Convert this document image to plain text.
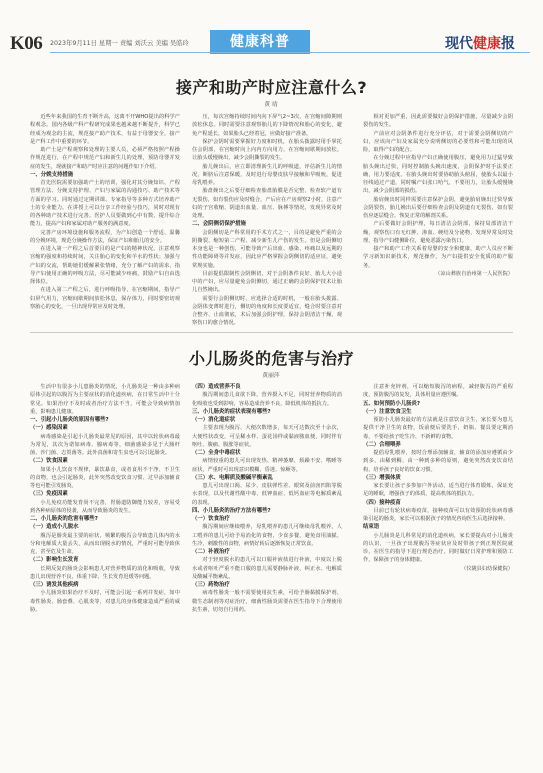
K06 2023年9月11日 星期一 责编 刘沃云 美编 吴皓玲	健康科普	现代健康报
接产和助产时应注意什么?
黄 靖

近些年来我国的生育不断升高，这离不开WHO提出的科学产程观念。国内各级产科产程研究成果也越来越不断提升，科学已经成为观念的主流，规范接产助产技术，有益于母婴安全，接产是产科工作中重要的环节。

助产士是产程观察和处理的主要人员，必须严格按照产程操作规范进行，在产程中规范产妇和新生儿的处理，预防母婴并发症的发生，现就接产和助产时应注意的问题作如下介绍。

一、分娩支持措施

首先医院需要加强助产士的培训，强化对其分娩知识、产程管理方法、分娩支持护理、产妇与家属的沟通技巧、助产技术等方面的学习。同时通过定期讲课、专家指导等多种方式培养助产士的专业能力。在讲授上可以分享工作经验与技巧，同时对现有的各种助产技术进行完善。医护人员要做到心中有数，提升综合能力，提高产妇和家属对助产服务的满意度。

完善产房环境设施和服务流程，为产妇创造一个舒适、温馨的分娩环境，规范分娩操作方法，保证产妇和胎儿的安全。

在进入第一产程之后首要目的是产妇的精神状况，注意观察宫缩的强度和持续时间，关注胎心的变化和羊水的性状；加强与产妇的交流，帮助她们缓解紧张情绪，充分了解产妇的需求，指导产妇使用正确的呼吸方法，尽可能减少疼痛，鼓励产妇自由选择体位。

在进入第二产程之后，进行呼吸指导，在宫缩期间，指导产妇屏气用力，宫缩间歇期间放松休息，保存体力，同时要密切观察胎心的变化，一旦出现异常应及时处理。

压，每次宫缩持续时间内向下屏气2~3次，在宫缩间隙期则放松休息。同时需要注意观察胎儿的下降情况和胎心的变化，避免产程延长，如果胎头已经着冠，应做好接产准备。

保护会阴时需要掌握好力度和时机，在胎头拨露时用手掌托住会阴部，在宫缩时向上向内方向用力，在宫缩间歇期间放松。让胎头缓慢娩出，减少会阴撕裂的发生。

胎儿娩出后，应立即清理新生儿的呼吸道，评估新生儿的情况，断脐后注意保暖，及时进行母婴皮肤早接触和早吸吮，促进母乳喂养。

胎盘娩出之后要仔细检查胎盘胎膜是否完整，检查软产道有无裂伤，如有裂伤应及时缝合，产后应在产房观察2小时，注意产妇的子宫收缩、阴道出血量、血压、脉搏等情况，发现异常及时处理。

二、会阴侧切保护措施

会阴侧切是产科常用的手术方式之一，目的是避免严重的会阴撕裂、缩短第二产程、减少新生儿产伤的发生。但是会阴侧切本身也是一种创伤，可能导致产后出血、感染、疼痛以及远期的性功能障碍等并发症，因此应严格掌握会阴侧切的适应证，避免常规实施。

目前提倡限制性会阴侧切，对于会阴条件良好、胎儿大小适中的产妇，应尽量避免会阴侧切，通过正确的会阴保护技术让胎儿自然娩出。

需要行会阴侧切时，应选择合适的时机，一般在胎头拨露、会阴体变薄时进行，侧切的角度和长度要适宜，缝合时要注意对合整齐、止血彻底，术后加强会阴护理，保持会阴清洁干燥，观察伤口的愈合情况。

相对更加严重，因此需要做好会阴保护措施，尽量减少会阴裂伤的发生。

产前应对会阴条件进行充分评估，对于需要会阴侧切的产妇，应该向产妇及家属充分说明侧切的必要性和可能出现的风险，取得产妇的配合。

在分娩过程中应指导产妇正确使用腹压，避免用力过猛导致胎头娩出过快，同时控制胎头娩出速度，会阴保护时手法要正确，用力要适度。在胎头娩出时要协助胎头俯屈，使胎头以最小径线通过产道，同时嘱产妇张口哈气，不要用力，让胎头缓慢娩出，减少会阴部的损伤。

胎肩娩出时同样需要注意保护会阴，避免胎肩娩出过快导致会阴裂伤，胎儿娩出后要仔细检查会阴及阴道有无裂伤，如有裂伤应逐层缝合，恢复正常的解剖关系。

产后要做好会阴护理，每日清洁会阴部，保持局部清洁干燥，观察伤口有无红肿、渗血、硬结及分泌物，发现异常及时处理，指导产妇健侧卧位，避免恶露污染伤口。

接产和助产工作关系着母婴的安全和健康，助产人员应不断学习新知识新技术，规范操作，为产妇提供安全优质的助产服务。

（凉山彝族自治州第一人民医院）

小儿肠炎的危害与治疗
黄丽萍

生活中有很多小儿患肠炎的情况，小儿肠炎是一种由多种病原体引起的以腹泻为主要症状的消化道疾病，在日常生活中十分常见。如果治疗不及时或者治疗方法不当，可能会导致病情加重，影响患儿健康。

一、引起小儿肠炎的原因有哪些?
（一）感染因素

病毒感染是引起小儿肠炎最常见的原因，其中以轮状病毒最为常见，其次为诺如病毒、腺病毒等，细菌感染多见于大肠杆菌、沙门菌、志贺菌等。此外真菌和寄生虫也可以引起肠炎。

（二）饮食因素

如果小儿饮食不规律，暴饮暴食，或者食用不干净、不卫生的食物，也会引起肠炎，此外突然改变饮食习惯、过早添加辅食等也可能引发肠炎。

（三）免疫因素

小儿免疫功能发育尚不完善，胃肠道防御能力较差，容易受到各种病原体的侵袭，从而导致肠炎的发生。

二、小儿肠炎的危害有哪些?
（一）造成小儿脱水

腹泻是肠炎最主要的症状，频繁的腹泻会导致患儿体内的水分和电解质大量丢失，从而出现脱水的情况，严重时可能导致休克，甚至危及生命。

（二）影响生长发育

长期反复的肠炎会影响患儿对营养物质的消化和吸收，导致患儿出现营养不良、体重下降、生长发育迟缓等问题。

（三）诱发其他疾病

小儿肠炎如果治疗不及时，可能会引起一系列并发症，如中毒性肠炎、肠套叠、心肌炎等，对患儿的身体健康造成严重的威胁。

（四）造成营养不良

腹泻期间患儿食欲下降，营养摄入不足，同时营养物质的消化吸收也受到影响，容易造成营养不良，降低机体的抵抗力。

三、小儿肠炎的症状表现有哪些?
（一）消化道症状

主要表现为腹泻、大便次数增多，每天可达数次至十余次，大便性状改变，可呈稀水样、蛋花汤样或黏液脓血便，同时伴有呕吐、腹痛、腹胀等症状。

（二）全身中毒症状

病情较重的患儿可出现发热、精神萎靡、烦躁不安、嗜睡等症状，严重时可出现意识模糊、昏迷、惊厥等。

（三）水、电解质及酸碱平衡紊乱

患儿可出现口渴、尿少、皮肤弹性差、眼窝及前囟凹陷等脱水表现，以及代谢性酸中毒、低钾血症、低钙血症等电解质紊乱的表现。

四、小儿肠炎的治疗方法有哪些?
（一）饮食治疗

腹泻期间应继续喂养，母乳喂养的患儿可继续母乳喂养，人工喂养的患儿可给予易消化的食物，少食多餐，避免食用油腻、生冷、刺激性的食物，病情好转后逐渐恢复正常饮食。

（二）补液治疗

对于轻度脱水的患儿可以口服补液盐进行补液，中度以上脱水或者呕吐严重不能口服的患儿需要静脉补液，纠正水、电解质及酸碱平衡紊乱。

（三）药物治疗

病毒性肠炎一般不需要使用抗生素，可给予肠黏膜保护剂、微生态制剂等对症治疗，细菌性肠炎需要在医生指导下合理使用抗生素，切勿自行用药。

注意补充锌剂，可以缩短腹泻的病程，减轻腹泻的严重程度，预防腹泻的复发，具体用量应遵医嘱。

五、如何预防小儿肠炎?
（一）注意饮食卫生

预防小儿肠炎最好的方法就是注意饮食卫生，家长要为患儿提供干净卫生的食物，饭前便后要洗手，奶瓶、餐具要定期消毒，不要给孩子吃生冷、不新鲜的食物。

（二）合理喂养

提倡母乳喂养，按时合理添加辅食，辅食的添加应遵循由少到多、由稀到稠、由一种到多种的原则，避免突然改变饮食结构，培养孩子良好的饮食习惯。

（三）增强体质

家长要让孩子多参加户外活动，适当进行体育锻炼，保证充足的睡眠，增强孩子的体质，提高机体的抵抗力。

（四）接种疫苗

目前已有轮状病毒疫苗，接种疫苗可以有效预防轮状病毒感染引起的肠炎，家长可以根据孩子的情况咨询医生后选择接种。

结束语

小儿肠炎是儿科常见的消化道疾病，家长要提高对小儿肠炎的认识，一旦孩子出现腹泻等症状应及时带孩子到正规医院就诊，在医生的指导下进行规范治疗，同时做好日常护理和预防工作，保障孩子的身体健康。

（仪陇县妇幼保健院）
